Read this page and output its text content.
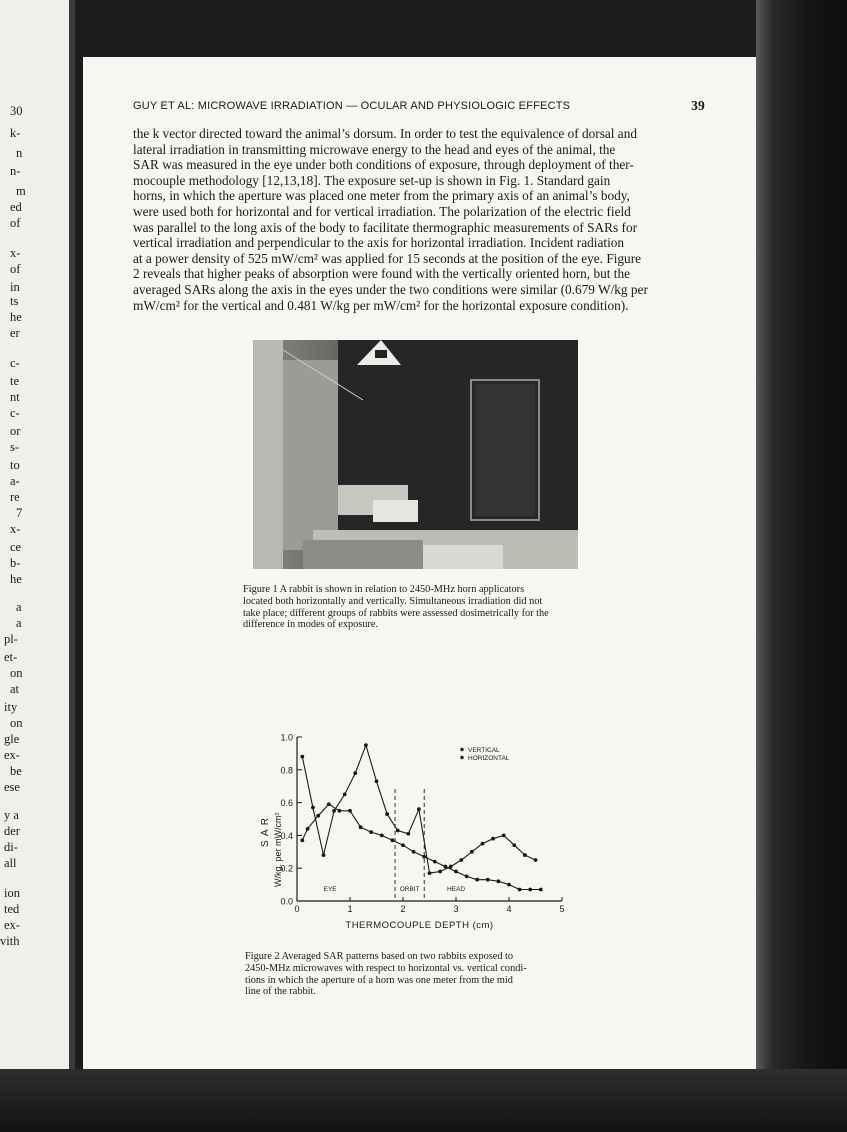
30
k-
n
n-
m
ed
of
x-
of
in
ts
he
er
c-
te
nt
c-
or
s-
to
a-
re
7
x-
ce
b-
he
a
a
pl-
et-
on
at
ity
on
gle
ex-
be
ese
y a
der
di-
all
ion
ted
ex-
vith
GUY ET AL: MICROWAVE IRRADIATION — OCULAR AND PHYSIOLOGIC EFFECTS	39
the k vector directed toward the animal’s dorsum. In order to test the equivalence of dorsal and
lateral irradiation in transmitting microwave energy to the head and eyes of the animal, the
SAR was measured in the eye under both conditions of exposure, through deployment of ther-
mocouple methodology [12,13,18]. The exposure set-up is shown in Fig. 1. Standard gain
horns, in which the aperture was placed one meter from the primary axis of an animal’s body,
were used both for horizontal and for vertical irradiation. The polarization of the electric field
was parallel to the long axis of the body to facilitate thermographic measurements of SARs for
vertical irradiation and perpendicular to the axis for horizontal irradiation. Incident radiation
at a power density of 525 mW/cm² was applied for 15 seconds at the position of the eye. Figure
2 reveals that higher peaks of absorption were found with the vertically oriented horn, but the
averaged SARs along the axis in the eyes under the two conditions were similar (0.679 W/kg per
mW/cm² for the vertical and 0.481 W/kg per mW/cm² for the horizontal exposure condition).
Figure 1 A rabbit is shown in relation to 2450-MHz horn applicators
located both horizontally and vertically. Simultaneous irradiation did not
take place; different groups of rabbits were assessed dosimetrically for the
difference in modes of exposure.
0.0
0.2
0.4
0.6
0.8
1.0
0	1	2	3	4	5
EYE	ORBIT	HEAD
VERTICAL
HORIZONTAL
THERMOCOUPLE DEPTH (cm)
S A R W/kg. per mW/cm²
Figure 2 Averaged SAR patterns based on two rabbits exposed to
2450-MHz microwaves with respect to horizontal vs. vertical condi-
tions in which the aperture of a horn was one meter from the mid
line of the rabbit.
